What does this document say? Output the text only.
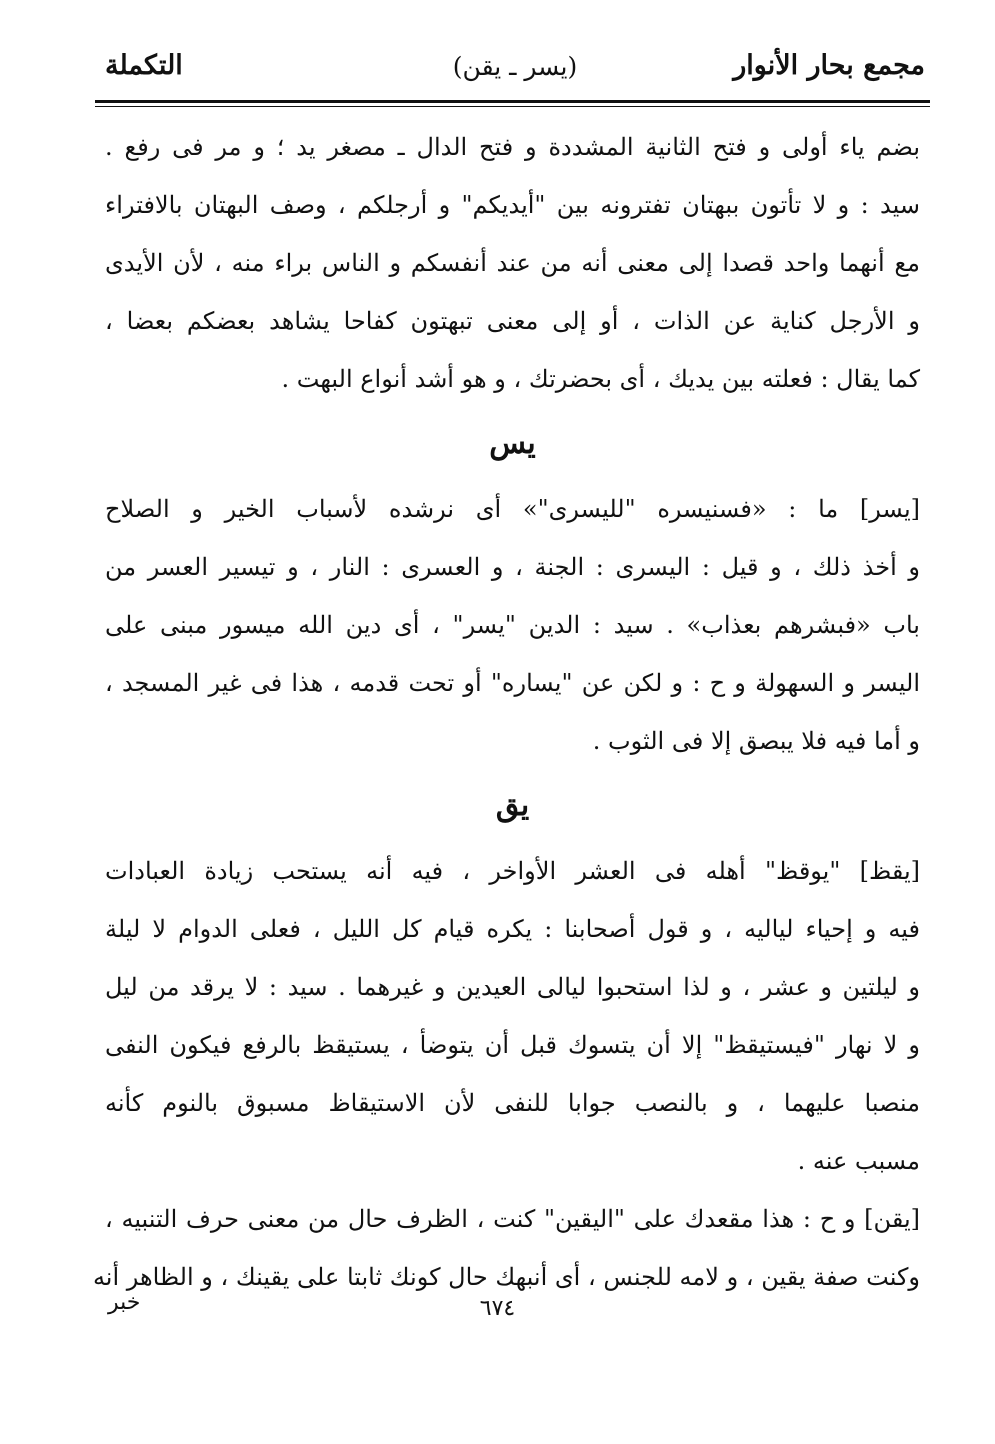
مجمع بحار الأنوار
(يسر ـ يقن)
التكملة
بضم ياء أولى و فتح الثانية المشددة و فتح الدال ـ مصغر يد ؛ و مر فى رفع .
سيد : و لا تأتون ببهتان تفترونه بين "أيديكم" و أرجلكم ، وصف البهتان بالافتراء
مع أنهما واحد قصدا إلى معنى أنه من عند أنفسكم و الناس براء منه ، لأن الأيدى
و الأرجل كناية عن الذات ، أو إلى معنى تبهتون كفاحا يشاهد بعضكم بعضا ،
كما يقال : فعلته بين يديك ، أى بحضرتك ، و هو أشد أنواع البهت .
يس
[يسر] ما : «فسنيسره "لليسرى"» أى نرشده لأسباب الخير و الصلاح
و أخذ ذلك ، و قيل : اليسرى : الجنة ، و العسرى : النار ، و تيسير العسر من
باب «فبشرهم بعذاب» . سيد : الدين "يسر" ، أى دين الله ميسور مبنى على
اليسر و السهولة و ح : و لكن عن "يساره" أو تحت قدمه ، هذا فى غير المسجد ،
و أما فيه فلا يبصق إلا فى الثوب .
يق
[يقظ] "يوقظ" أهله فى العشر الأواخر ، فيه أنه يستحب زيادة العبادات
فيه و إحياء لياليه ، و قول أصحابنا : يكره قيام كل الليل ، فعلى الدوام لا ليلة
و ليلتين و عشر ، و لذا استحبوا ليالى العيدين و غيرهما . سيد : لا يرقد من ليل
و لا نهار "فيستيقظ" إلا أن يتسوك قبل أن يتوضأ ، يستيقظ بالرفع فيكون النفى
منصبا عليهما ، و بالنصب جوابا للنفى لأن الاستيقاظ مسبوق بالنوم كأنه
مسبب عنه .
[يقن] و ح : هذا مقعدك على "اليقين" كنت ، الظرف حال من معنى حرف التنبيه ،
وكنت صفة يقين ، و لامه للجنس ، أى أنبهك حال كونك ثابتا على يقينك ، و الظاهر أنه
خبر	٦٧٤
